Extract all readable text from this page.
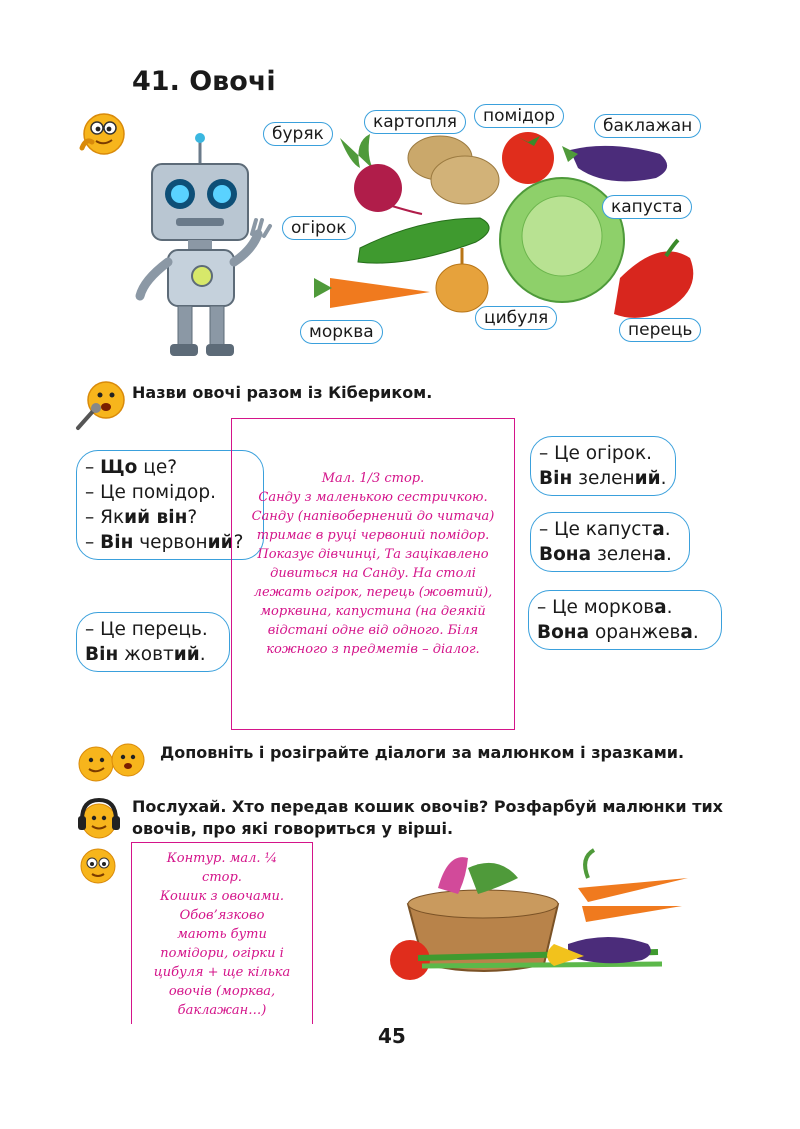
41. Овочі
буряк
картопля	помідор	баклажан
огірок
капуста
морква
цибуля
перець
Назви овочі разом із Кібериком.
– Що це?
– Це помідор.
– Який він?
– Він червоний?
– Це перець.
Він жовтий.
Мал. 1/3 стор.
Санду з маленькою сестричкою.
Санду (напівобернений до читача)
тримає в руці червоний помідор.
Показує дівчинці, Та зацікавлено
дивиться на Санду. На столі
лежать огірок, перець (жовтий),
морквина, капустина (на деякій
відстані одне від одного. Біля
кожного з предметів – діалог.
– Це огірок.
Він зелений.
– Це капуста.
Вона зелена.
– Це моркова.
Вона оранжева.
Доповніть і розіграйте діалоги за малюнком і зразками.
Послухай. Хто передав кошик овочів? Розфарбуй малюнки тих
овочів, про які говориться у вірші.
Контур. мал. ¼
стор.
Кошик з овочами.
Обов’язково
мають бути
помідори, огірки і
цибуля + ще кілька
овочів (морква,
баклажан…)
45
